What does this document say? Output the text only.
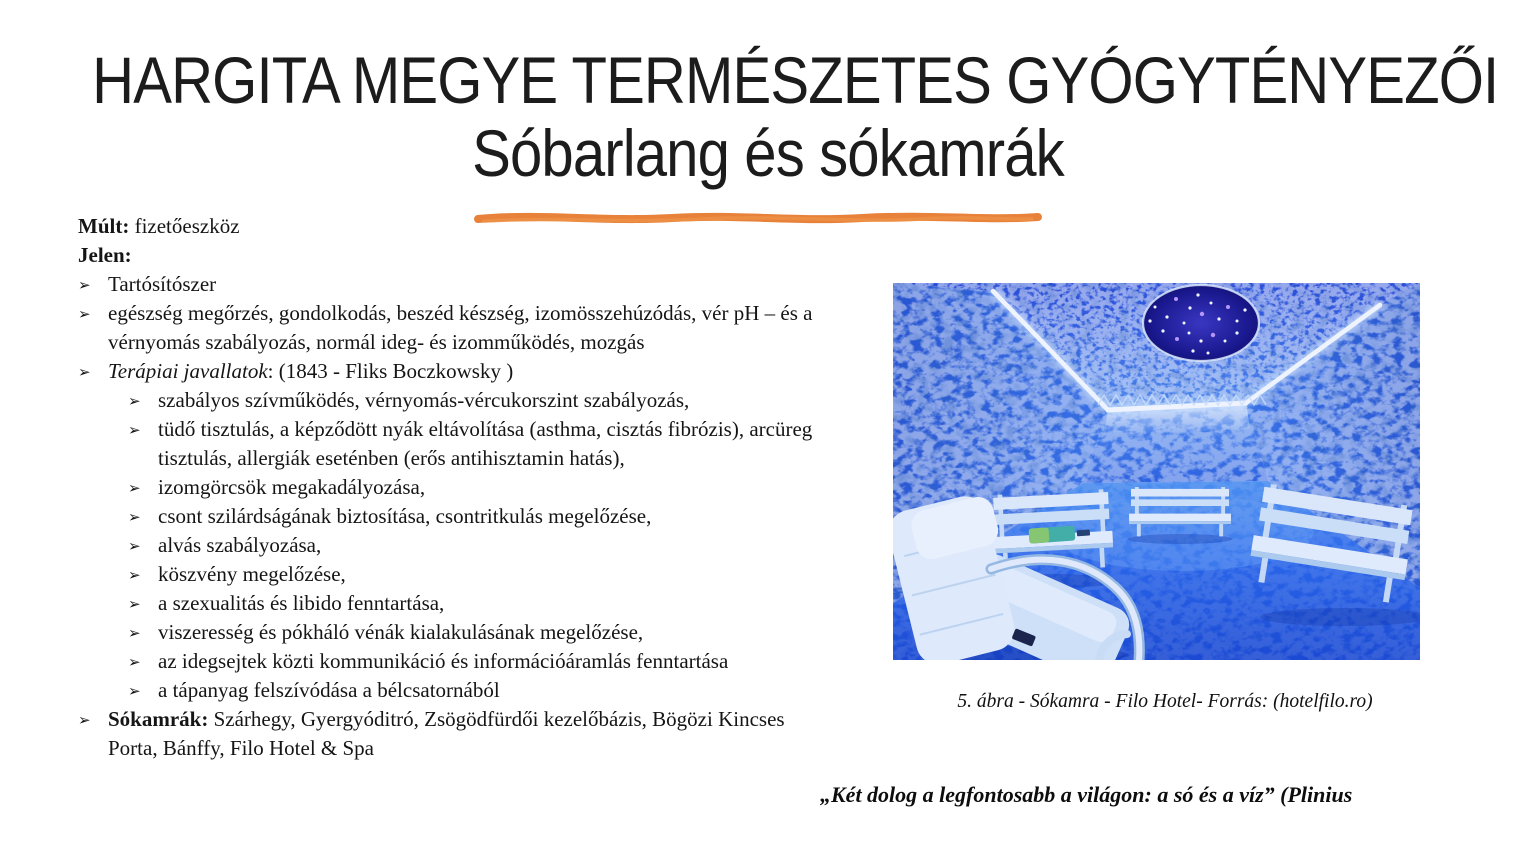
HARGITA MEGYE TERMÉSZETES GYÓGYTÉNYEZŐI
Sóbarlang és sókamrák

Múlt: fizetőeszköz

Jelen:

➢ Tartósítószer
➢ egészség megőrzés, gondolkodás, beszéd készség, izomösszehúzódás, vér pH – és a vérnyomás szabályozás, normál ideg- és izomműködés, mozgás
➢ Terápiai javallatok: (1843 - Fliks Boczkowsky )
➢ szabályos szívműködés, vérnyomás-vércukorszint szabályozás,
➢ tüdő tisztulás, a képződött nyák eltávolítása (asthma, cisztás fibrózis), arcüreg tisztulás, allergiák eseténben (erős antihisztamin hatás),
➢ izomgörcsök megakadályozása,
➢ csont szilárdságának biztosítása, csontritkulás megelőzése,
➢ alvás szabályozása,
➢ köszvény megelőzése,
➢ a szexualitás és libido fenntartása,
➢ viszeresség és pókháló vénák kialakulásának megelőzése,
➢ az idegsejtek közti kommunikáció és információáramlás fenntartása
➢ a tápanyag felszívódása a bélcsatornából
➢ Sókamrák: Szárhegy, Gyergyóditró, Zsögödfürdői kezelőbázis, Bögözi Kincses Porta, Bánffy, Filo Hotel & Spa
5. ábra - Sókamra - Filo Hotel- Forrás: (hotelfilo.ro)
„Két dolog a legfontosabb a világon: a só és a víz” (Plinius
